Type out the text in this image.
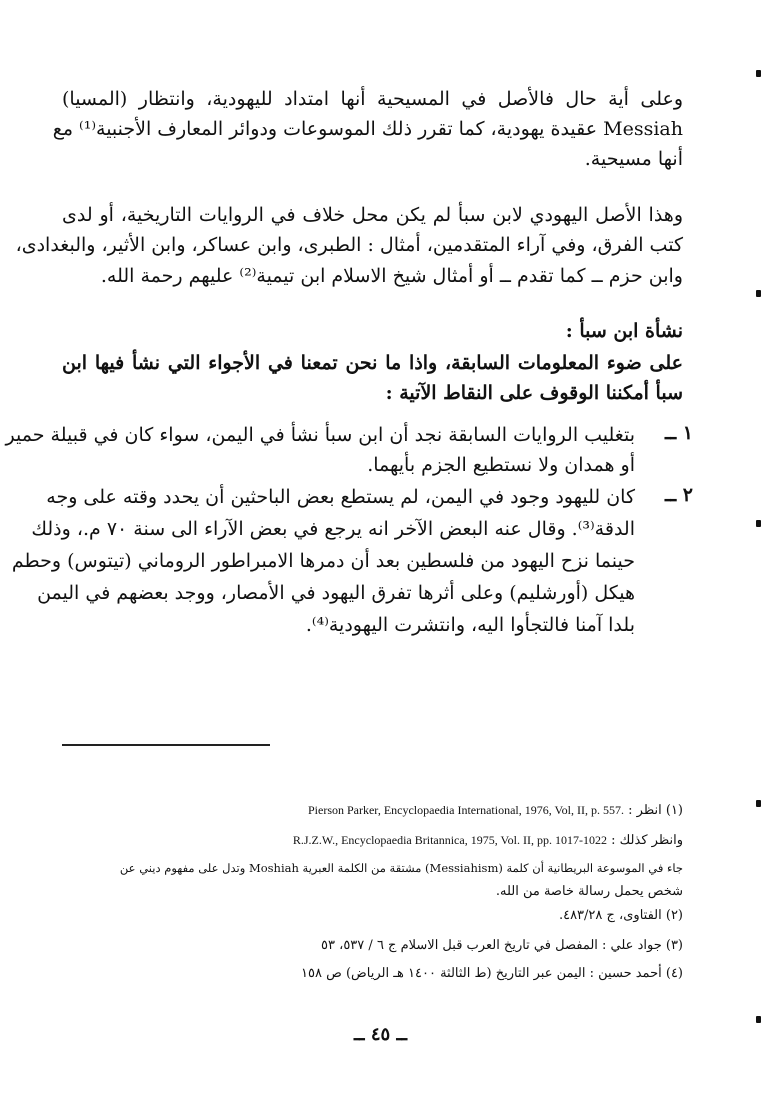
وعلى أية حال فالأصل في المسيحية أنها امتداد لليهودية، وانتظار (المسيا)
Messiah عقيدة يهودية، كما تقرر ذلك الموسوعات ودوائر المعارف الأجنبية⁽¹⁾ مع
أنها مسيحية.
وهذا الأصل اليهودي لابن سبأ لم يكن محل خلاف في الروايات التاريخية، أو لدى
كتب الفرق، وفي آراء المتقدمين، أمثال : الطبرى، وابن عساكر، وابن الأثير، والبغدادى،
وابن حزم ــ كما تقدم ــ أو أمثال شيخ الاسلام ابن تيمية⁽²⁾ عليهم رحمة الله.
نشأة ابن سبأ :
على ضوء المعلومات السابقة، واذا ما نحن تمعنا في الأجواء التي نشأ فيها ابن
سبأ أمكننا الوقوف على النقاط الآتية :
١ ــ
بتغليب الروايات السابقة نجد أن ابن سبأ نشأ في اليمن، سواء كان في قبيلة حمير
أو همدان ولا نستطيع الجزم بأيهما.
٢ ــ
كان لليهود وجود في اليمن، لم يستطع بعض الباحثين أن يحدد وقته على وجه
الدقة⁽³⁾. وقال عنه البعض الآخر انه يرجع في بعض الآراء الى سنة ٧٠ م.، وذلك
حينما نزح اليهود من فلسطين بعد أن دمرها الامبراطور الروماني (تيتوس) وحطم
هيكل (أورشليم) وعلى أثرها تفرق اليهود في الأمصار، ووجد بعضهم في اليمن
بلدا آمنا فالتجأوا اليه، وانتشرت اليهودية⁽⁴⁾.
(١) انظر : Pierson Parker, Encyclopaedia International, 1976, Vol, II, p. 557.
وانظر كذلك : R.J.Z.W., Encyclopaedia Britannica, 1975, Vol. II, pp. 1017-1022
جاء في الموسوعة البريطانية أن كلمة (Messiahism) مشتقة من الكلمة العبرية Moshiah وتدل على مفهوم ديني عن
شخص يحمل رسالة خاصة من الله.
(٢) الفتاوى، ج ٤٨٣/٢٨.
(٣) جواد علي : المفصل في تاريخ العرب قبل الاسلام ج ٦ / ٥٣٧، ٥٣
(٤) أحمد حسين : اليمن عبر التاريخ (ط الثالثة ١٤٠٠ هـ الرياض) ص ١٥٨
ــ ٤٥ ــ
